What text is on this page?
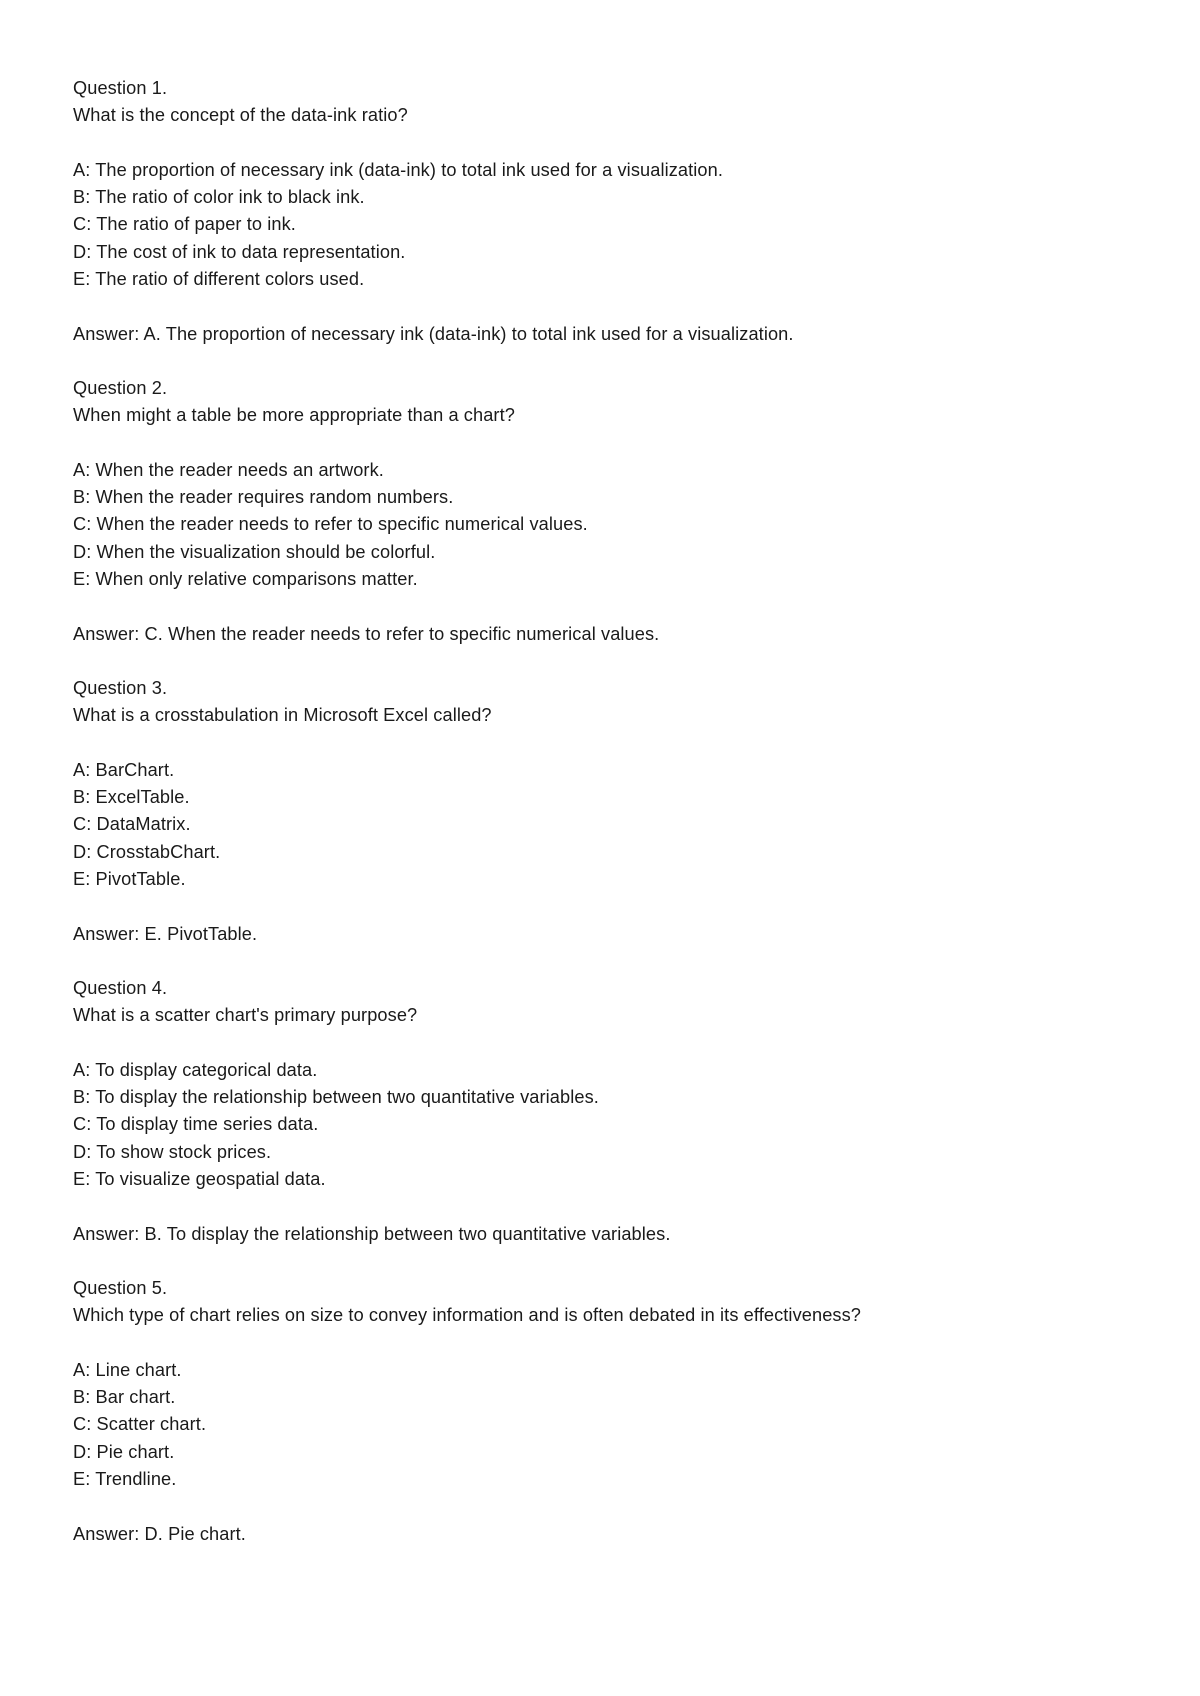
Question 1.
What is the concept of the data-ink ratio?
A: The proportion of necessary ink (data-ink) to total ink used for a visualization.
B: The ratio of color ink to black ink.
C: The ratio of paper to ink.
D: The cost of ink to data representation.
E: The ratio of different colors used.
Answer: A. The proportion of necessary ink (data-ink) to total ink used for a visualization.
Question 2.
When might a table be more appropriate than a chart?
A: When the reader needs an artwork.
B: When the reader requires random numbers.
C: When the reader needs to refer to specific numerical values.
D: When the visualization should be colorful.
E: When only relative comparisons matter.
Answer: C. When the reader needs to refer to specific numerical values.
Question 3.
What is a crosstabulation in Microsoft Excel called?
A: BarChart.
B: ExcelTable.
C: DataMatrix.
D: CrosstabChart.
E: PivotTable.
Answer: E. PivotTable.
Question 4.
What is a scatter chart's primary purpose?
A: To display categorical data.
B: To display the relationship between two quantitative variables.
C: To display time series data.
D: To show stock prices.
E: To visualize geospatial data.
Answer: B. To display the relationship between two quantitative variables.
Question 5.
Which type of chart relies on size to convey information and is often debated in its effectiveness?
A: Line chart.
B: Bar chart.
C: Scatter chart.
D: Pie chart.
E: Trendline.
Answer: D. Pie chart.
